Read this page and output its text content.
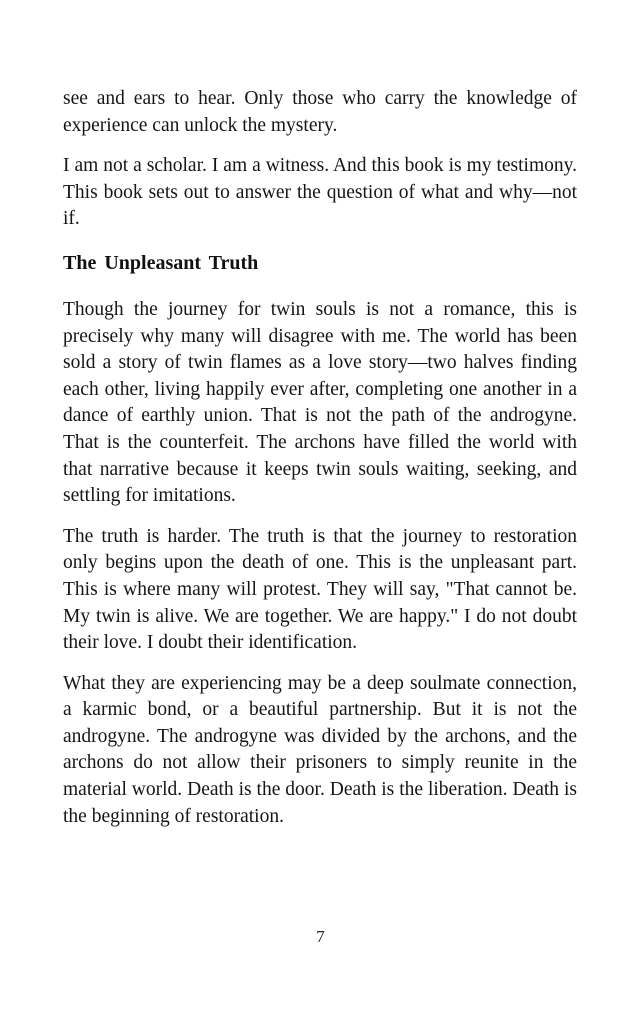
see and ears to hear. Only those who carry the knowledge of experience can unlock the mystery.

I am not a scholar. I am a witness. And this book is my testimony. This book sets out to answer the question of what and why—not if.

The Unpleasant Truth

Though the journey for twin souls is not a romance, this is precisely why many will disagree with me. The world has been sold a story of twin flames as a love story—two halves finding each other, living happily ever after, completing one another in a dance of earthly union. That is not the path of the androgyne. That is the counterfeit. The archons have filled the world with that narrative because it keeps twin souls waiting, seeking, and settling for imitations.

The truth is harder. The truth is that the journey to restoration only begins upon the death of one. This is the unpleasant part. This is where many will protest. They will say, "That cannot be. My twin is alive. We are together. We are happy." I do not doubt their love. I doubt their identification.

What they are experiencing may be a deep soulmate connection, a karmic bond, or a beautiful partnership. But it is not the androgyne. The androgyne was divided by the archons, and the archons do not allow their prisoners to simply reunite in the material world. Death is the door. Death is the liberation. Death is the beginning of restoration.

7
